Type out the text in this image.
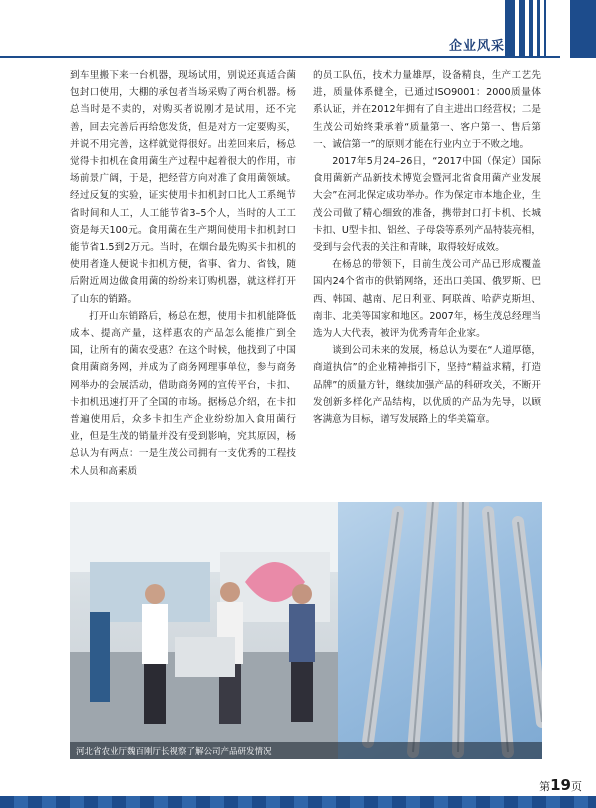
企业风采

到车里搬下来一台机器，现场试用，别说还真适合菌包封口使用，大棚的承包者当场采购了两台机器。杨总当时是不卖的，对购买者说刚才是试用，还不完善，回去完善后再给您发货，但是对方一定要购买，并说不用完善，这样就觉得很好。出差回来后，杨总觉得卡扣机在食用菌生产过程中起着很大的作用，市场前景广阔，于是，把经营方向对准了食用菌领域。经过反复的实验，证实使用卡扣机封口比人工系绳节省时间和人工，人工能节省3–5个人，当时的人工工资是每天100元。食用菌在生产期间使用卡扣机封口能节省1.5到2万元。当时，在烟台最先购买卡扣机的使用者逢人便说卡扣机方便，省事、省力、省钱，随后附近周边做食用菌的纷纷来订购机器，就这样打开了山东的销路。

打开山东销路后，杨总在想，使用卡扣机能降低成本、提高产量，这样惠农的产品怎么能推广到全国，让所有的菌农受惠？在这个时候，他找到了中国食用菌商务网，并成为了商务网理事单位，参与商务网举办的会展活动，借助商务网的宣传平台，卡扣、卡扣机迅速打开了全国的市场。据杨总介绍，在卡扣普遍使用后，众多卡扣生产企业纷纷加入食用菌行业，但是生茂的销量并没有受到影响，究其原因，杨总认为有两点：一是生茂公司拥有一支优秀的工程技术人员和高素质

的员工队伍，技术力量雄厚，设备精良，生产工艺先进，质量体系健全，已通过ISO9001：2000质量体系认证，并在2012年拥有了自主进出口经营权；二是生茂公司始终秉承着“质量第一、客户第一、售后第一、诚信第一”的原则才能在行业内立于不败之地。

2017年5月24–26日，“2017中国（保定）国际食用菌新产品新技术博览会暨河北省食用菌产业发展大会”在河北保定成功举办。作为保定市本地企业，生茂公司做了精心细致的准备，携带封口打卡机、长城卡扣、U型卡扣、铝丝、子母袋等系列产品特装亮相，受到与会代表的关注和青睐，取得较好成效。

在杨总的带领下，目前生茂公司产品已形成覆盖国内24个省市的供销网络，还出口美国、俄罗斯、巴西、韩国、越南、尼日利亚、阿联酋、哈萨克斯坦、南非、北美等国家和地区。2007年，杨生茂总经理当选为人大代表，被评为优秀青年企业家。

谈到公司未来的发展，杨总认为要在“人道厚德，商道执信”的企业精神指引下，坚持“精益求精，打造品牌”的质量方针，继续加强产品的科研攻关，不断开发创新多样化产品结构，以优质的产品为先导，以顾客满意为目标，谱写发展路上的华美篇章。

河北省农业厅魏百刚厅长视察了解公司产品研发情况
第19页
